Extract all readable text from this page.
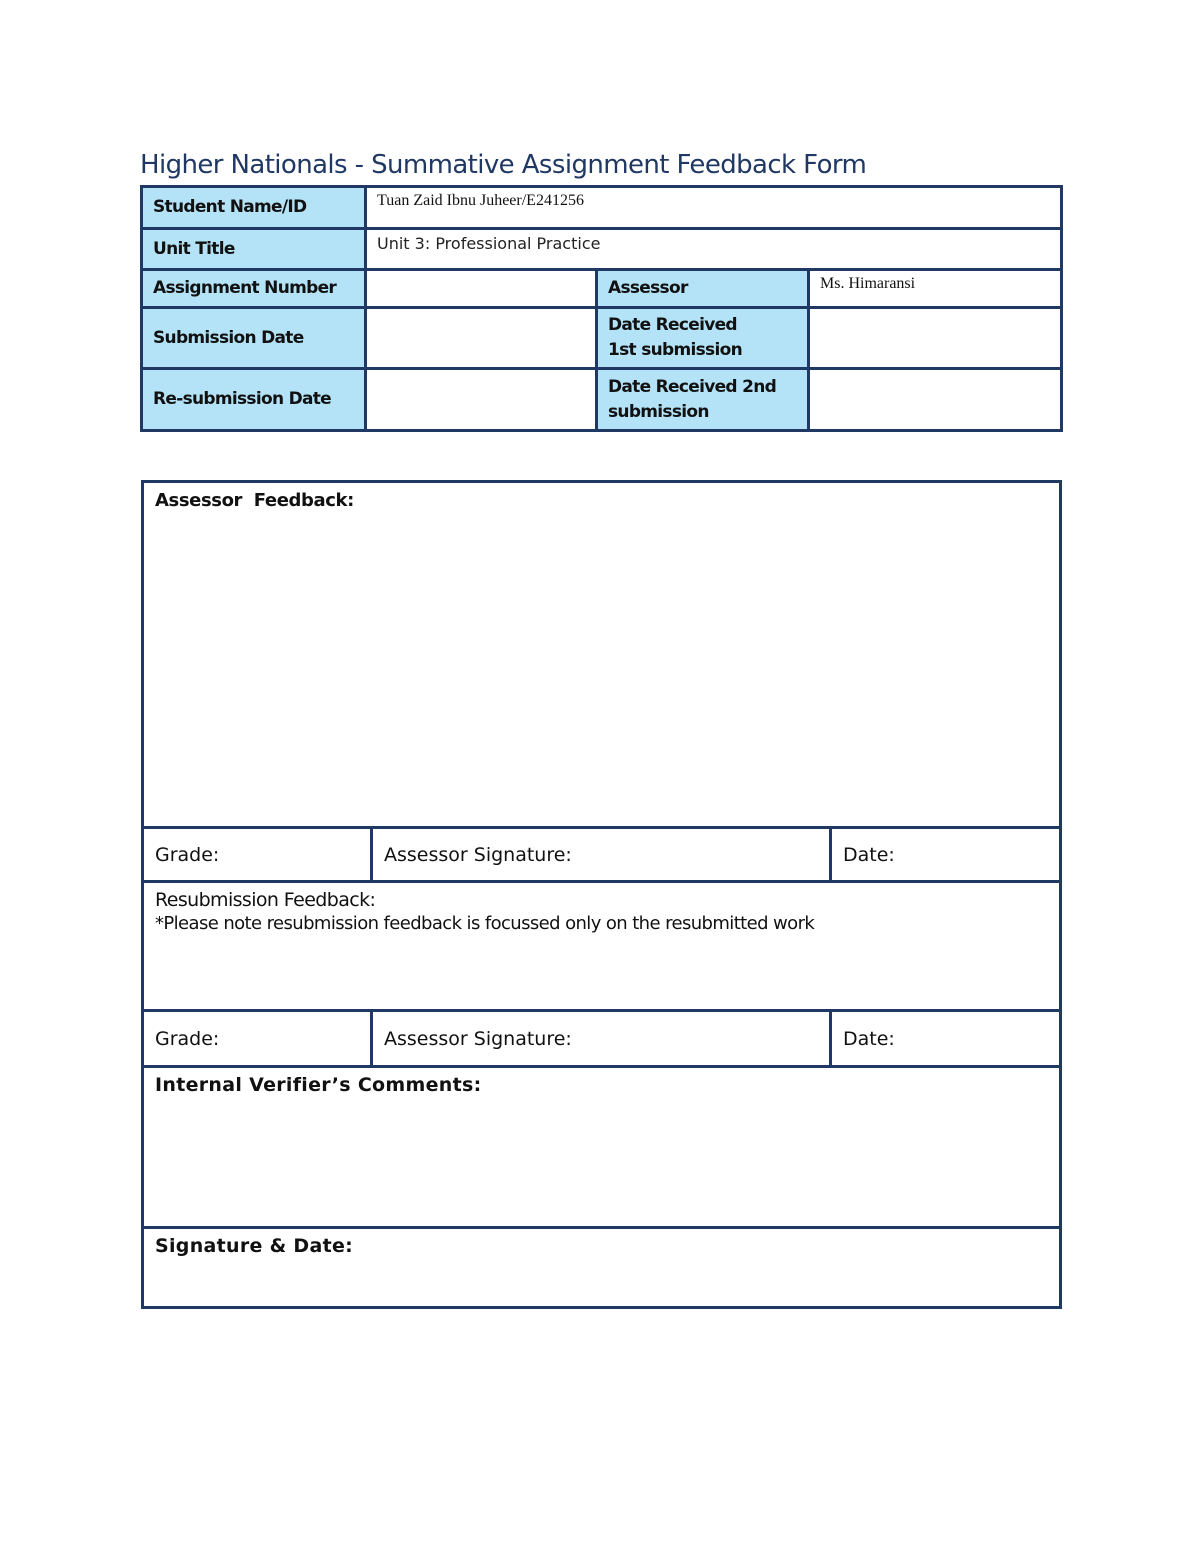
Higher Nationals - Summative Assignment Feedback Form
Student Name/ID	Tuan Zaid Ibnu Juheer/E241256		
Unit Title	Unit 3: Professional Practice		
Assignment Number		Assessor	Ms. Himaransi
Submission Date		Date Received
1st submission	

Re-submission Date		Date Received 2nd
submission	

Assessor  Feedback:		
Grade:	Assessor Signature:	Date:

Resubmission Feedback:
*Please note resubmission feedback is focussed only on the resubmitted work		

Grade:	Assessor Signature:	Date:
Internal Verifier’s Comments:		
Signature & Date:		
